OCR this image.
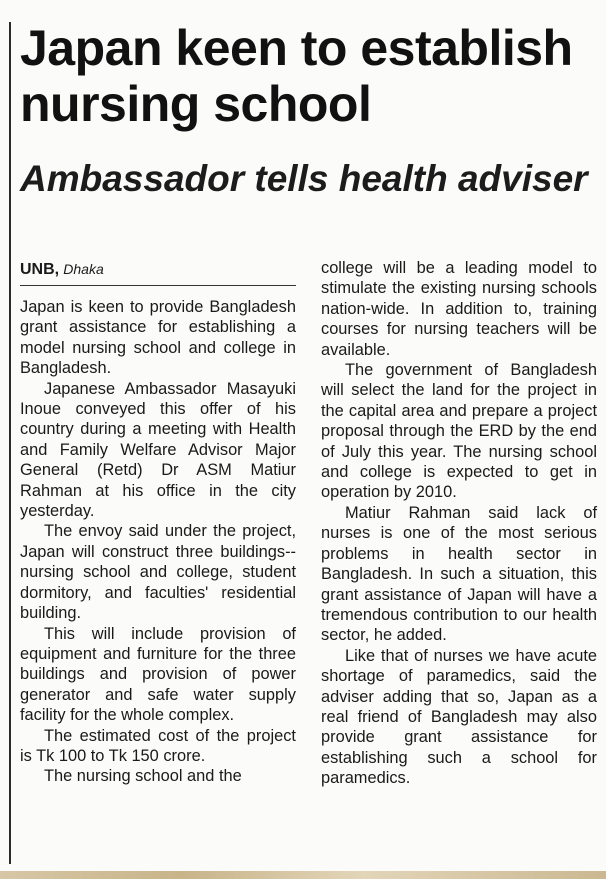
Japan keen to establish nursing school
Ambassador tells health adviser
UNB, Dhaka

Japan is keen to provide Bangladesh grant assistance for establishing a model nursing school and college in Bangladesh.

Japanese Ambassador Masayuki Inoue conveyed this offer of his country during a meeting with Health and Family Welfare Advisor Major General (Retd) Dr ASM Matiur Rahman at his office in the city yesterday.

The envoy said under the project, Japan will construct three buildings--nursing school and college, student dormitory, and faculties' residential building.

This will include provision of equipment and furniture for the three buildings and provision of power generator and safe water supply facility for the whole complex.

The estimated cost of the project is Tk 100 to Tk 150 crore.

The nursing school and the

college will be a leading model to stimulate the existing nursing schools nation-wide. In addition to, training courses for nursing teachers will be available.

The government of Bangladesh will select the land for the project in the capital area and prepare a project proposal through the ERD by the end of July this year. The nursing school and college is expected to get in operation by 2010.

Matiur Rahman said lack of nurses is one of the most serious problems in health sector in Bangladesh. In such a situation, this grant assistance of Japan will have a tremendous contribution to our health sector, he added.

Like that of nurses we have acute shortage of paramedics, said the adviser adding that so, Japan as a real friend of Bangladesh may also provide grant assistance for establishing such a school for paramedics.
